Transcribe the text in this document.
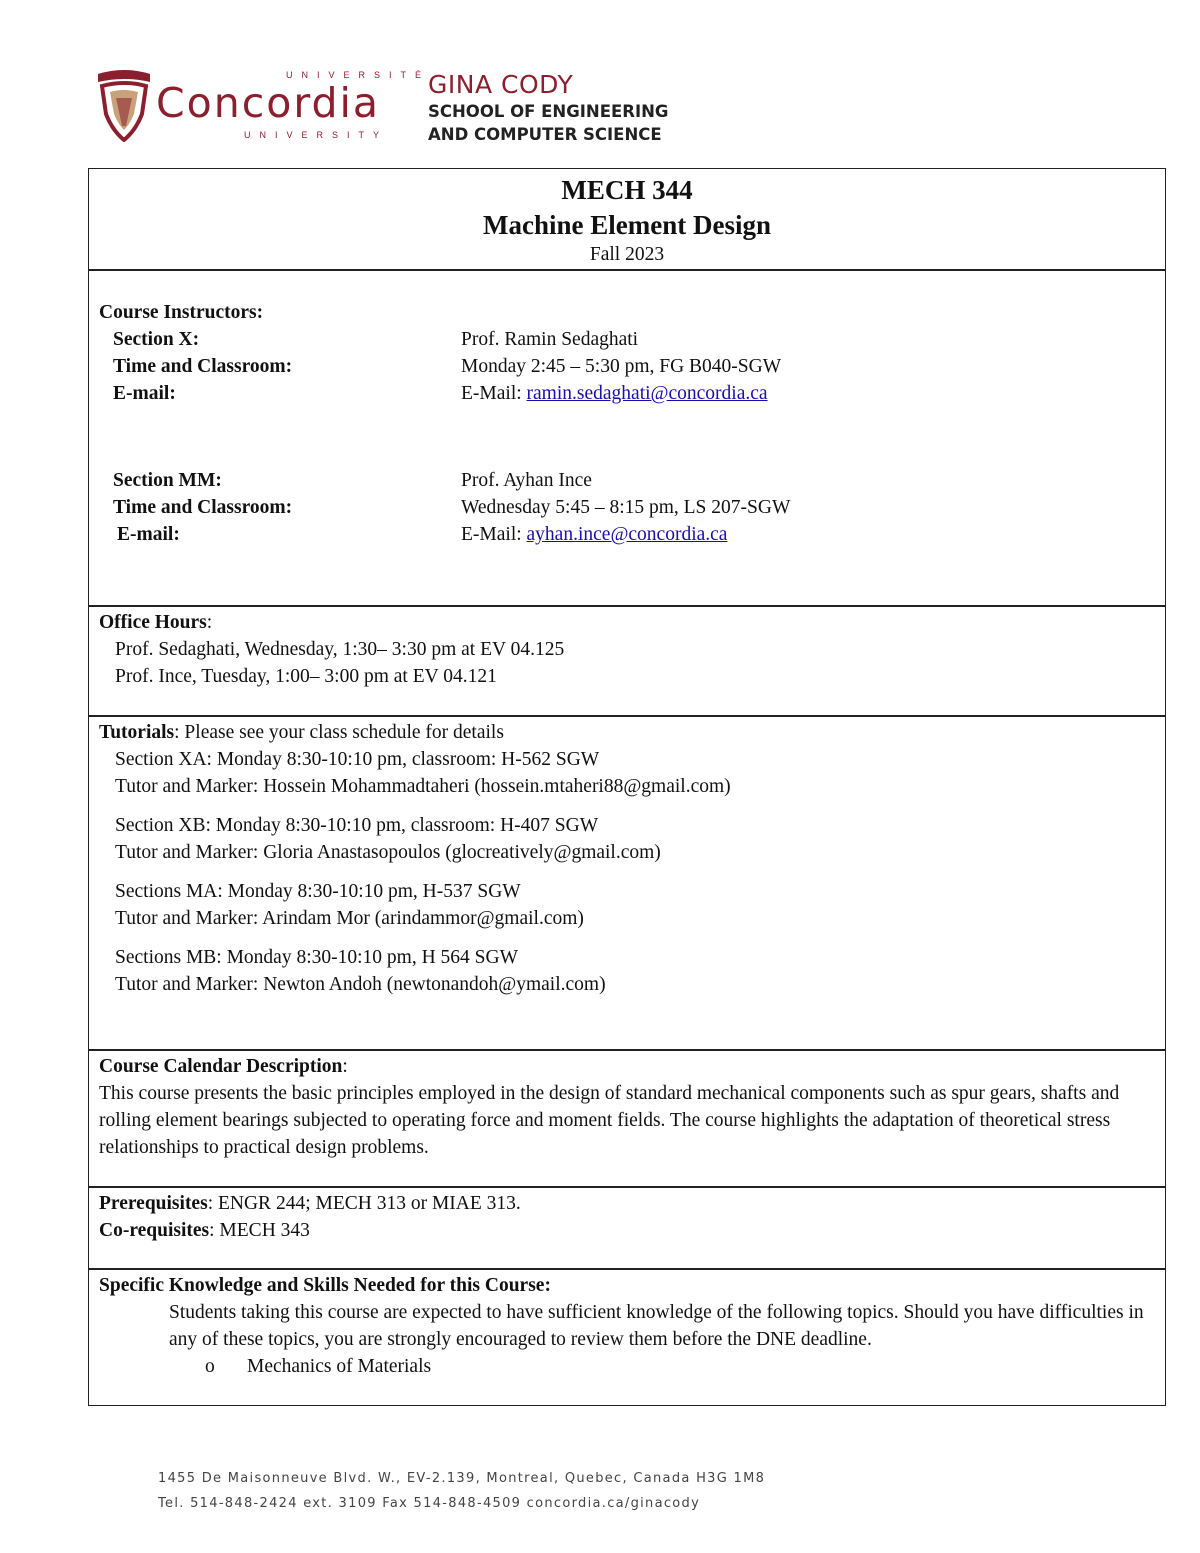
UNIVERSITÉ
Concordia
UNIVERSITY
GINA CODY
SCHOOL OF ENGINEERING
AND COMPUTER SCIENCE
MECH 344
Machine Element Design
Fall 2023
Course Instructors:
Section X:	Prof. Ramin Sedaghati
Time and Classroom:	Monday 2:45 – 5:30 pm, FG B040-SGW
E-mail:	E-Mail: ramin.sedaghati@concordia.ca
Section MM:	Prof. Ayhan Ince
Time and Classroom:	Wednesday 5:45 – 8:15 pm, LS 207-SGW
E-mail:	E-Mail: ayhan.ince@concordia.ca
Office Hours:
Prof. Sedaghati, Wednesday, 1:30– 3:30 pm at EV 04.125
Prof. Ince, Tuesday, 1:00– 3:00 pm at EV 04.121
Tutorials: Please see your class schedule for details
Section XA: Monday 8:30-10:10 pm, classroom: H-562 SGW
Tutor and Marker: Hossein Mohammadtaheri (hossein.mtaheri88@gmail.com)
Section XB: Monday 8:30-10:10 pm, classroom: H-407 SGW
Tutor and Marker: Gloria Anastasopoulos (glocreatively@gmail.com)
Sections MA: Monday 8:30-10:10 pm, H-537 SGW
Tutor and Marker: Arindam Mor (arindammor@gmail.com)
Sections MB: Monday 8:30-10:10 pm, H 564 SGW
Tutor and Marker: Newton Andoh (newtonandoh@ymail.com)
Course Calendar Description:
This course presents the basic principles employed in the design of standard mechanical components such as spur gears, shafts and rolling element bearings subjected to operating force and moment fields. The course highlights the adaptation of theoretical stress relationships to practical design problems.
Prerequisites: ENGR 244; MECH 313 or MIAE 313.
Co-requisites: MECH 343
Specific Knowledge and Skills Needed for this Course:
Students taking this course are expected to have sufficient knowledge of the following topics. Should you have difficulties in any of these topics, you are strongly encouraged to review them before the DNE deadline.
o Mechanics of Materials
1455 De Maisonneuve Blvd. W., EV-2.139, Montreal, Quebec, Canada H3G 1M8
Tel. 514-848-2424 ext. 3109 Fax 514-848-4509 concordia.ca/ginacody
